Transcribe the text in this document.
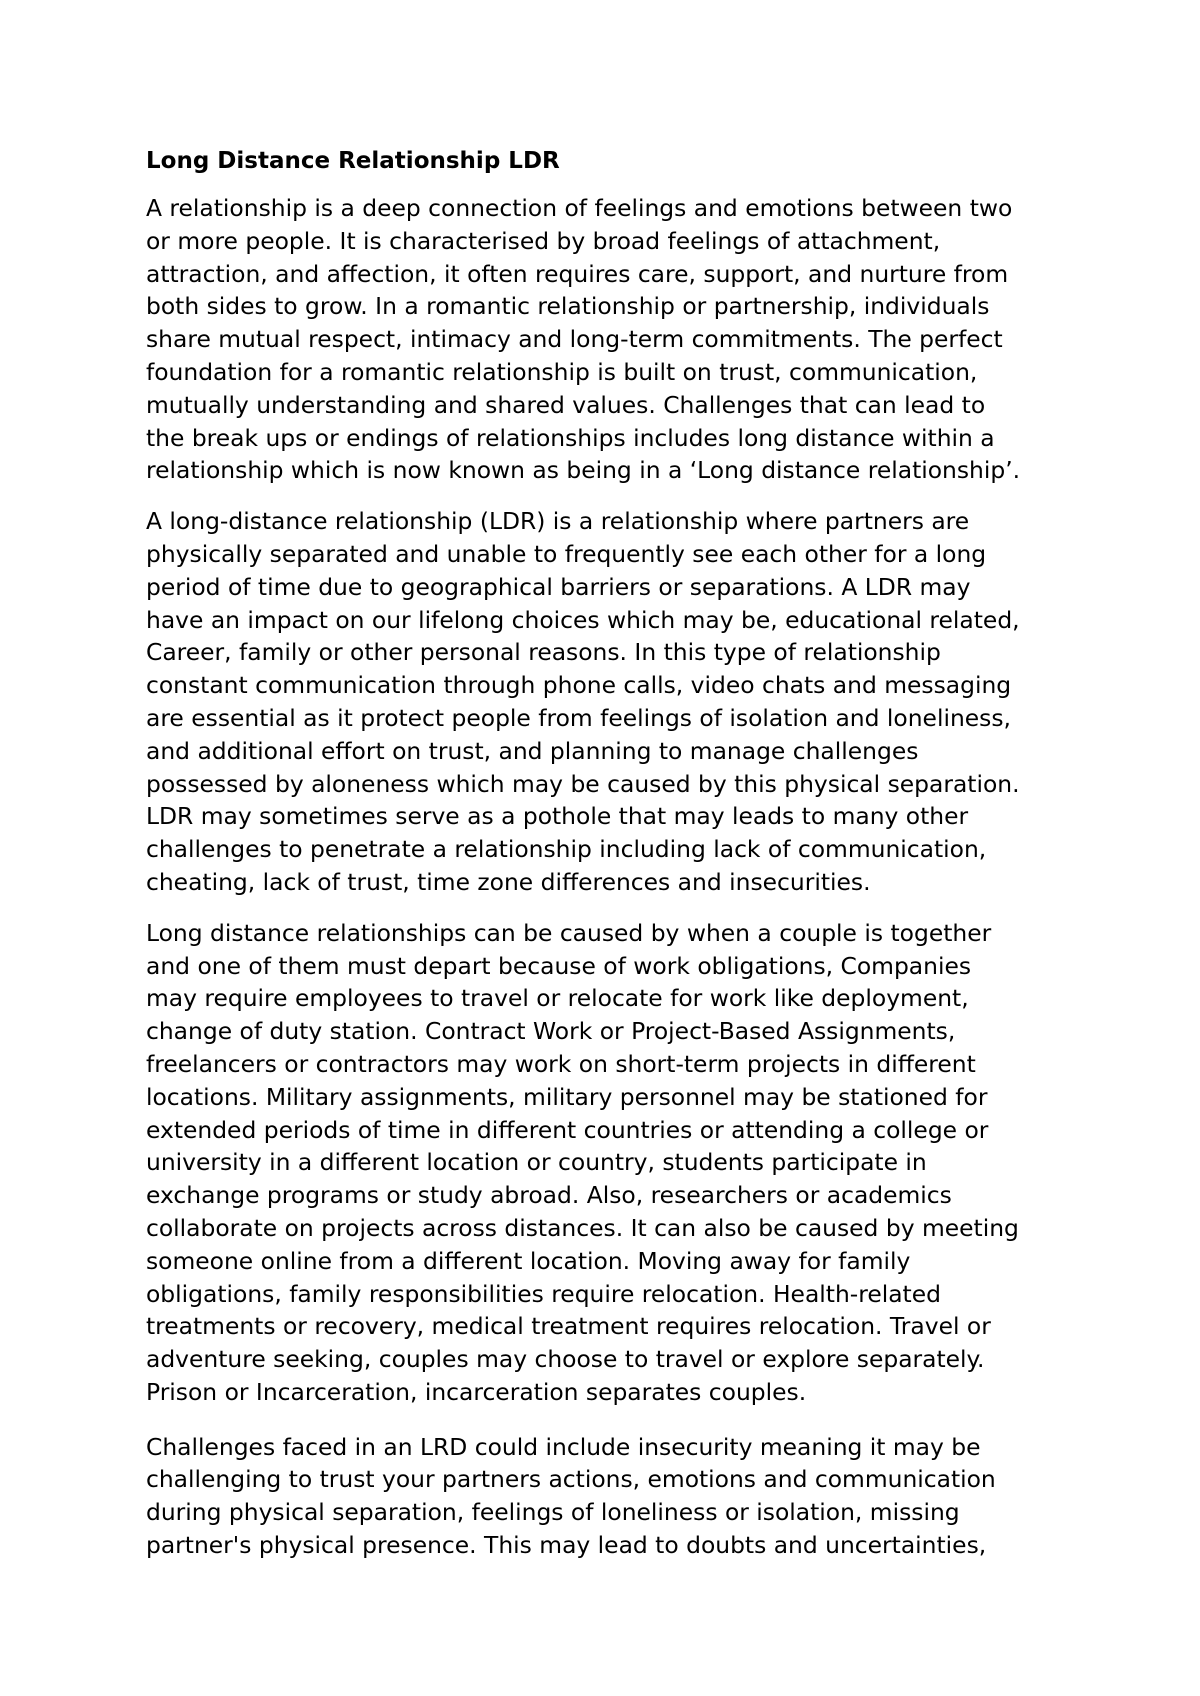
Long Distance Relationship LDR
A relationship is a deep connection of feelings and emotions between two
or more people. It is characterised by broad feelings of attachment,
attraction, and affection, it often requires care, support, and nurture from
both sides to grow. In a romantic relationship or partnership, individuals
share mutual respect, intimacy and long-term commitments. The perfect
foundation for a romantic relationship is built on trust, communication,
mutually understanding and shared values. Challenges that can lead to
the break ups or endings of relationships includes long distance within a
relationship which is now known as being in a ‘Long distance relationship’.
A long-distance relationship (LDR) is a relationship where partners are
physically separated and unable to frequently see each other for a long
period of time due to geographical barriers or separations. A LDR may
have an impact on our lifelong choices which may be, educational related,
Career, family or other personal reasons. In this type of relationship
constant communication through phone calls, video chats and messaging
are essential as it protect people from feelings of isolation and loneliness,
and additional effort on trust, and planning to manage challenges
possessed by aloneness which may be caused by this physical separation.
LDR may sometimes serve as a pothole that may leads to many other
challenges to penetrate a relationship including lack of communication,
cheating, lack of trust, time zone differences and insecurities.
Long distance relationships can be caused by when a couple is together
and one of them must depart because of work obligations, Companies
may require employees to travel or relocate for work like deployment,
change of duty station. Contract Work or Project-Based Assignments,
freelancers or contractors may work on short-term projects in different
locations. Military assignments, military personnel may be stationed for
extended periods of time in different countries or attending a college or
university in a different location or country, students participate in
exchange programs or study abroad. Also, researchers or academics
collaborate on projects across distances. It can also be caused by meeting
someone online from a different location. Moving away for family
obligations, family responsibilities require relocation. Health-related
treatments or recovery, medical treatment requires relocation. Travel or
adventure seeking, couples may choose to travel or explore separately.
Prison or Incarceration, incarceration separates couples.
Challenges faced in an LRD could include insecurity meaning it may be
challenging to trust your partners actions, emotions and communication
during physical separation, feelings of loneliness or isolation, missing
partner's physical presence. This may lead to doubts and uncertainties,
